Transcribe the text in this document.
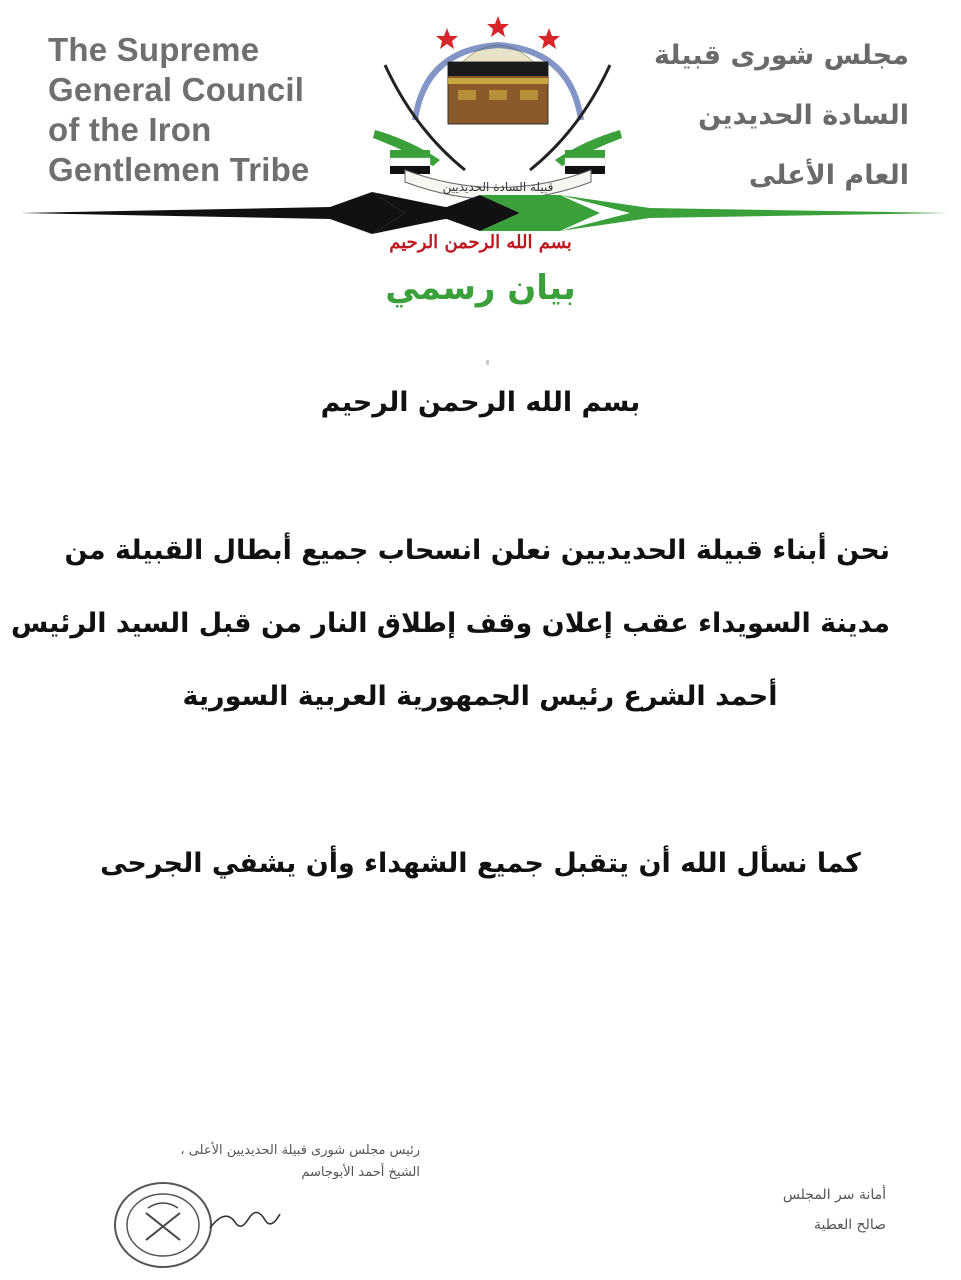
The Supreme
General Council
of the Iron
Gentlemen Tribe
مجلس شورى قبيلة
السادة الحديدين
العام الأعلى
قبيلة السادة الحديديين
بسم الله الرحمن الرحيم
بيان رسمي
بسم الله الرحمن الرحيم
نحن أبناء قبيلة الحديديين نعلن انسحاب جميع أبطال القبيلة من
مدينة السويداء عقب إعلان وقف إطلاق النار من قبل السيد الرئيس
أحمد الشرع رئيس الجمهورية العربية السورية
كما نسأل الله أن يتقبل جميع الشهداء وأن يشفي الجرحى
رئيس مجلس شورى قبيلة الحديديين الأعلى ،
الشيخ أحمد الأبوجاسم
أمانة سر المجلس
صالح العطية
